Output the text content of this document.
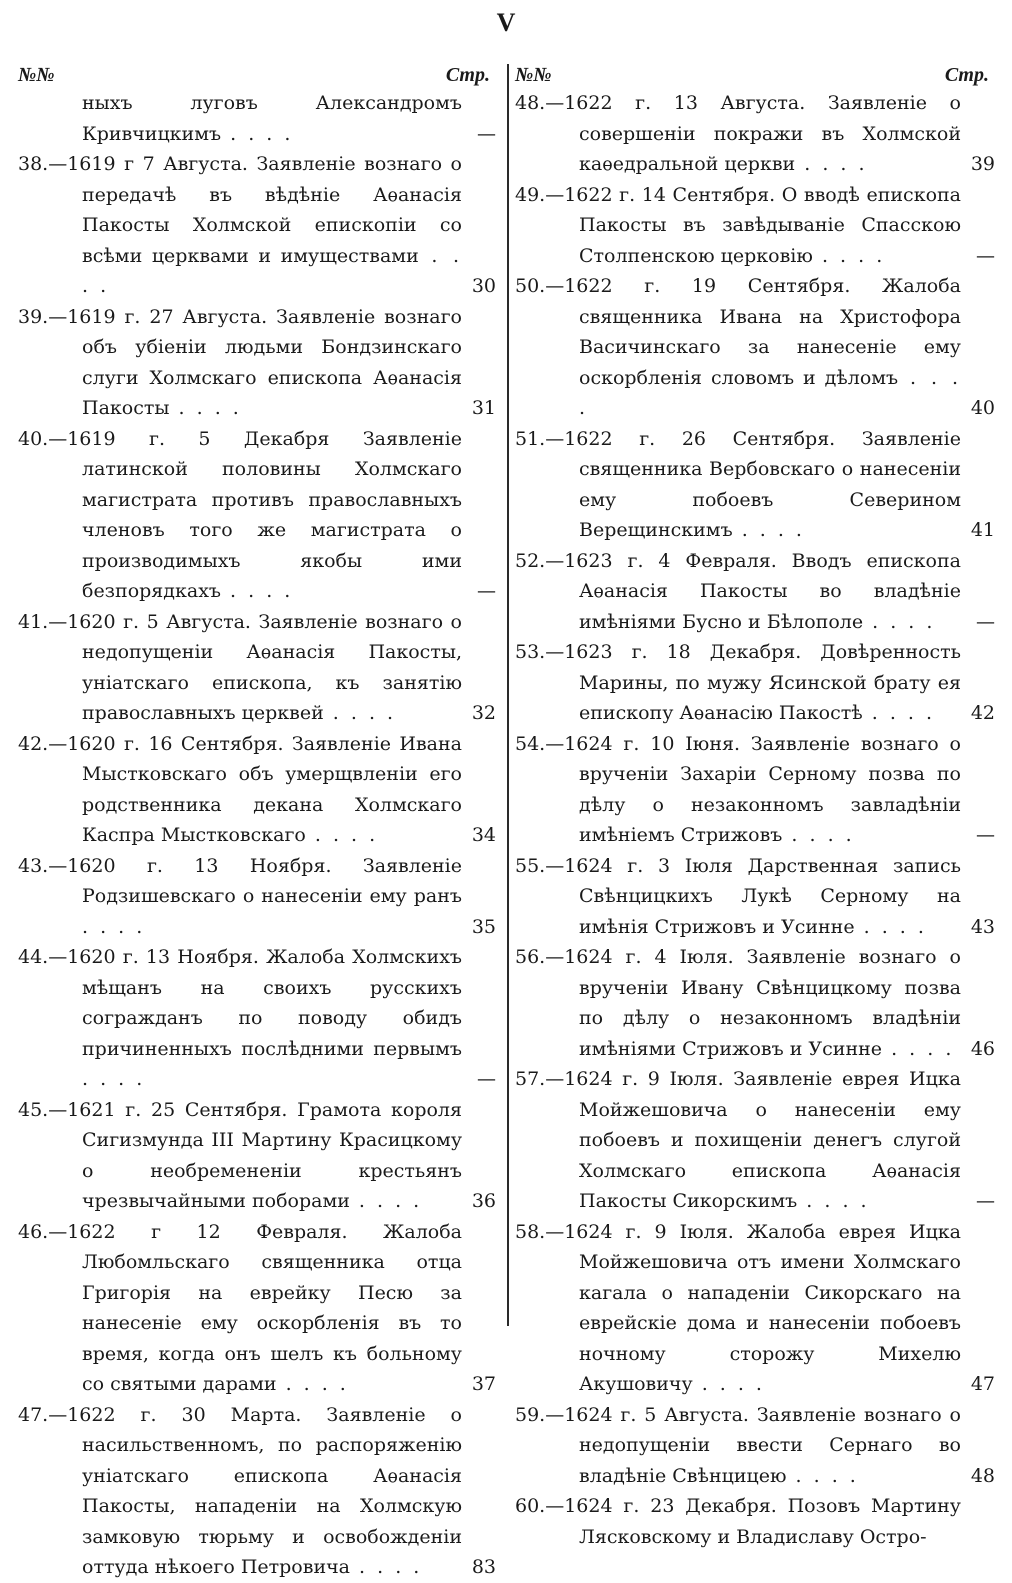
V
№№	Стр.
ныхъ луговъ Александромъ Кривчицкимъ . . . .	—
38.—1619 г 7 Августа. Заявленіе вознаго о передачѣ въ вѣдѣніе Аѳанасія Пакосты Холмской епископіи со всѣми церквами и имуществами . . . .	30
39.—1619 г. 27 Августа. Заявленіе вознаго объ убіеніи людьми Бондзинскаго слуги Холмскаго епископа Аѳанасія Пакосты . . . .	31
40.—1619 г. 5 Декабря Заявленіе латинской половины Холмскаго магистрата противъ православныхъ членовъ того же магистрата о производимыхъ якобы ими безпорядкахъ . . . .	—
41.—1620 г. 5 Августа. Заявленіе вознаго о недопущеніи Аѳанасія Пакосты, уніатскаго епископа, къ занятію православныхъ церквей . . . .	32
42.—1620 г. 16 Сентября. Заявленіе Ивана Мыстковскаго объ умерщвленіи его родственника декана Холмскаго Каспра Мыстковскаго . . . .	34
43.—1620 г. 13 Ноября. Заявленіе Родзишевскаго о нанесеніи ему ранъ . . . .	35
44.—1620 г. 13 Ноября. Жалоба Холмскихъ мѣщанъ на своихъ русскихъ согражданъ по поводу обидъ причиненныхъ послѣдними первымъ . . . .	—
45.—1621 г. 25 Сентября. Грамота короля Сигизмунда III Мартину Красицкому о необремененіи крестьянъ чрезвычайными поборами . . . .	36
46.—1622 г 12 Февраля. Жалоба Любомльскаго священника отца Григорія на еврейку Песю за нанесеніе ему оскорбленія въ то время, когда онъ шелъ къ больному со святыми дарами . . . .	37
47.—1622 г. 30 Марта. Заявленіе о насильственномъ, по распоряженію уніатскаго епископа Аѳанасія Пакосты, нападеніи на Холмскую замковую тюрьму и освобожденіи оттуда нѣкоего Петровича . . . .	83
№№	Стр.
48.—1622 г. 13 Августа. Заявленіе о совершеніи покражи въ Холмской каѳедральной церкви . . . .	39
49.—1622 г. 14 Сентября. О вводѣ епископа Пакосты въ завѣдываніе Спасскою Столпенскою церковію . . . .	—
50.—1622 г. 19 Сентября. Жалоба священника Ивана на Христофора Васичинскаго за нанесеніе ему оскорбленія словомъ и дѣломъ . . . .	40
51.—1622 г. 26 Сентября. Заявленіе священника Вербовскаго о нанесеніи ему побоевъ Северином Верещинскимъ . . . .	41
52.—1623 г. 4 Февраля. Вводъ епископа Аѳанасія Пакосты во владѣніе имѣніями Бусно и Бѣлополе . . . .	—
53.—1623 г. 18 Декабря. Довѣренность Марины, по мужу Ясинской брату ея епископу Аѳанасію Пакостѣ . . . .	42
54.—1624 г. 10 Іюня. Заявленіе вознаго о врученіи Захаріи Серному позва по дѣлу о незаконномъ завладѣніи имѣніемъ Стрижовъ . . . .	—
55.—1624 г. 3 Іюля Дарственная запись Свѣнцицкихъ Лукѣ Серному на имѣнія Стрижовъ и Усинне . . . .	43
56.—1624 г. 4 Іюля. Заявленіе вознаго о врученіи Ивану Свѣнцицкому позва по дѣлу о незаконномъ владѣніи имѣніями Стрижовъ и Усинне . . . . 46
57.—1624 г. 9 Іюля. Заявленіе еврея Ицка Мойжешовича о нанесеніи ему побоевъ и похищеніи денегъ слугой Холмскаго епископа Аѳанасія Пакосты Сикорскимъ . . . .	—
58.—1624 г. 9 Іюля. Жалоба еврея Ицка Мойжешовича отъ имени Холмскаго кагала о нападеніи Сикорскаго на еврейскіе дома и нанесеніи побоевъ ночному сторожу Михелю Акушовичу . . . .	47
59.—1624 г. 5 Августа. Заявленіе вознаго о недопущеніи ввести Сернаго во владѣніе Свѣнцицею . . . .	48
60.—1624 г. 23 Декабря. Позовъ Мартину Лясковскому и Владиславу Остро-
